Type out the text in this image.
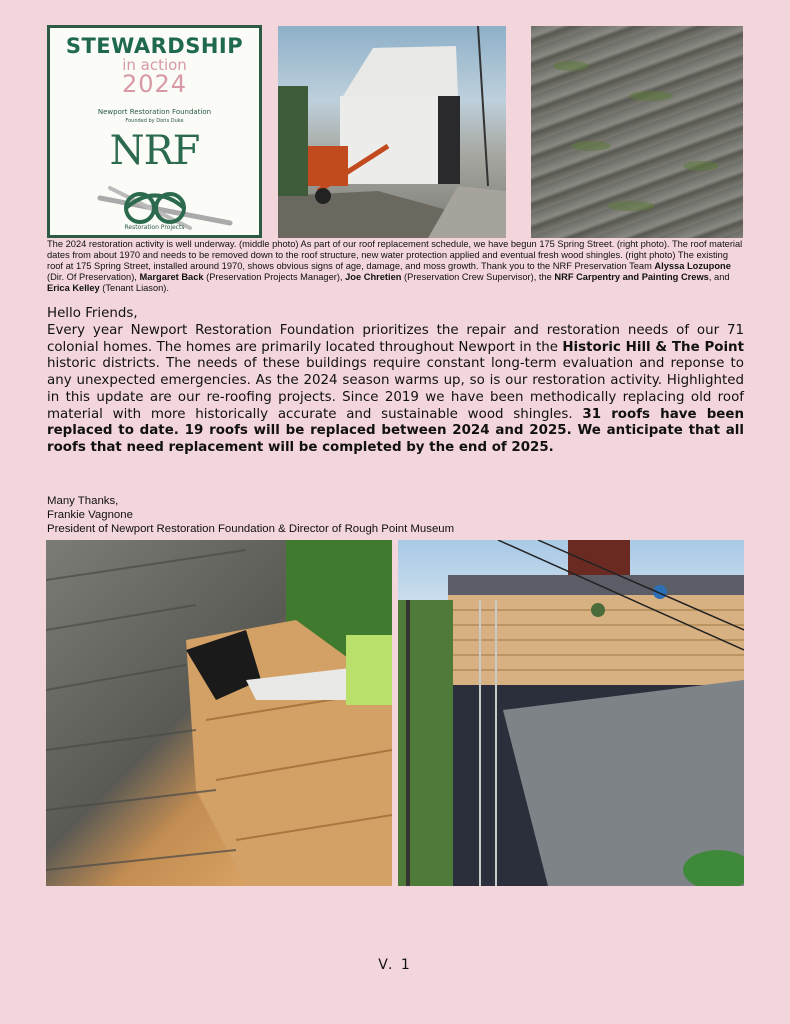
STEWARDSHIP
in action
2024
Newport Restoration Foundation
Founded by Doris Duke
NRF
Restoration Projects
The 2024 restoration activity is well underway. (middle photo) As part of our roof replacement schedule, we have begun 175 Spring Street. (right photo). The roof material dates from about 1970 and needs to be removed down to the roof structure, new water protection applied and eventual fresh wood shingles. (right photo) The existing roof at 175 Spring Street, installed around 1970, shows obvious signs of age, damage, and moss growth. Thank you to the NRF Preservation Team Alyssa Lozupone (Dir. Of Preservation), Margaret Back (Preservation Projects Manager), Joe Chretien (Preservation Crew Supervisor), the NRF Carpentry and Painting Crews, and Erica Kelley (Tenant Liason).
Hello Friends,
Every year Newport Restoration Foundation prioritizes the repair and restoration needs of our 71 colonial homes. The homes are primarily located throughout Newport in the Historic Hill & The Point historic districts. The needs of these buildings require constant long-term evaluation and reponse to any unexpected emergencies. As the 2024 season warms up, so is our restoration activity. Highlighted in this update are our re-roofing projects. Since 2019 we have been methodically replacing old roof material with more historically accurate and sustainable wood shingles. 31 roofs have been replaced to date. 19 roofs will be replaced between 2024 and 2025. We anticipate that all roofs that need replacement will be completed by the end of 2025.
Many Thanks,
Frankie Vagnone
President of Newport Restoration Foundation & Director of Rough Point Museum
V. 1
